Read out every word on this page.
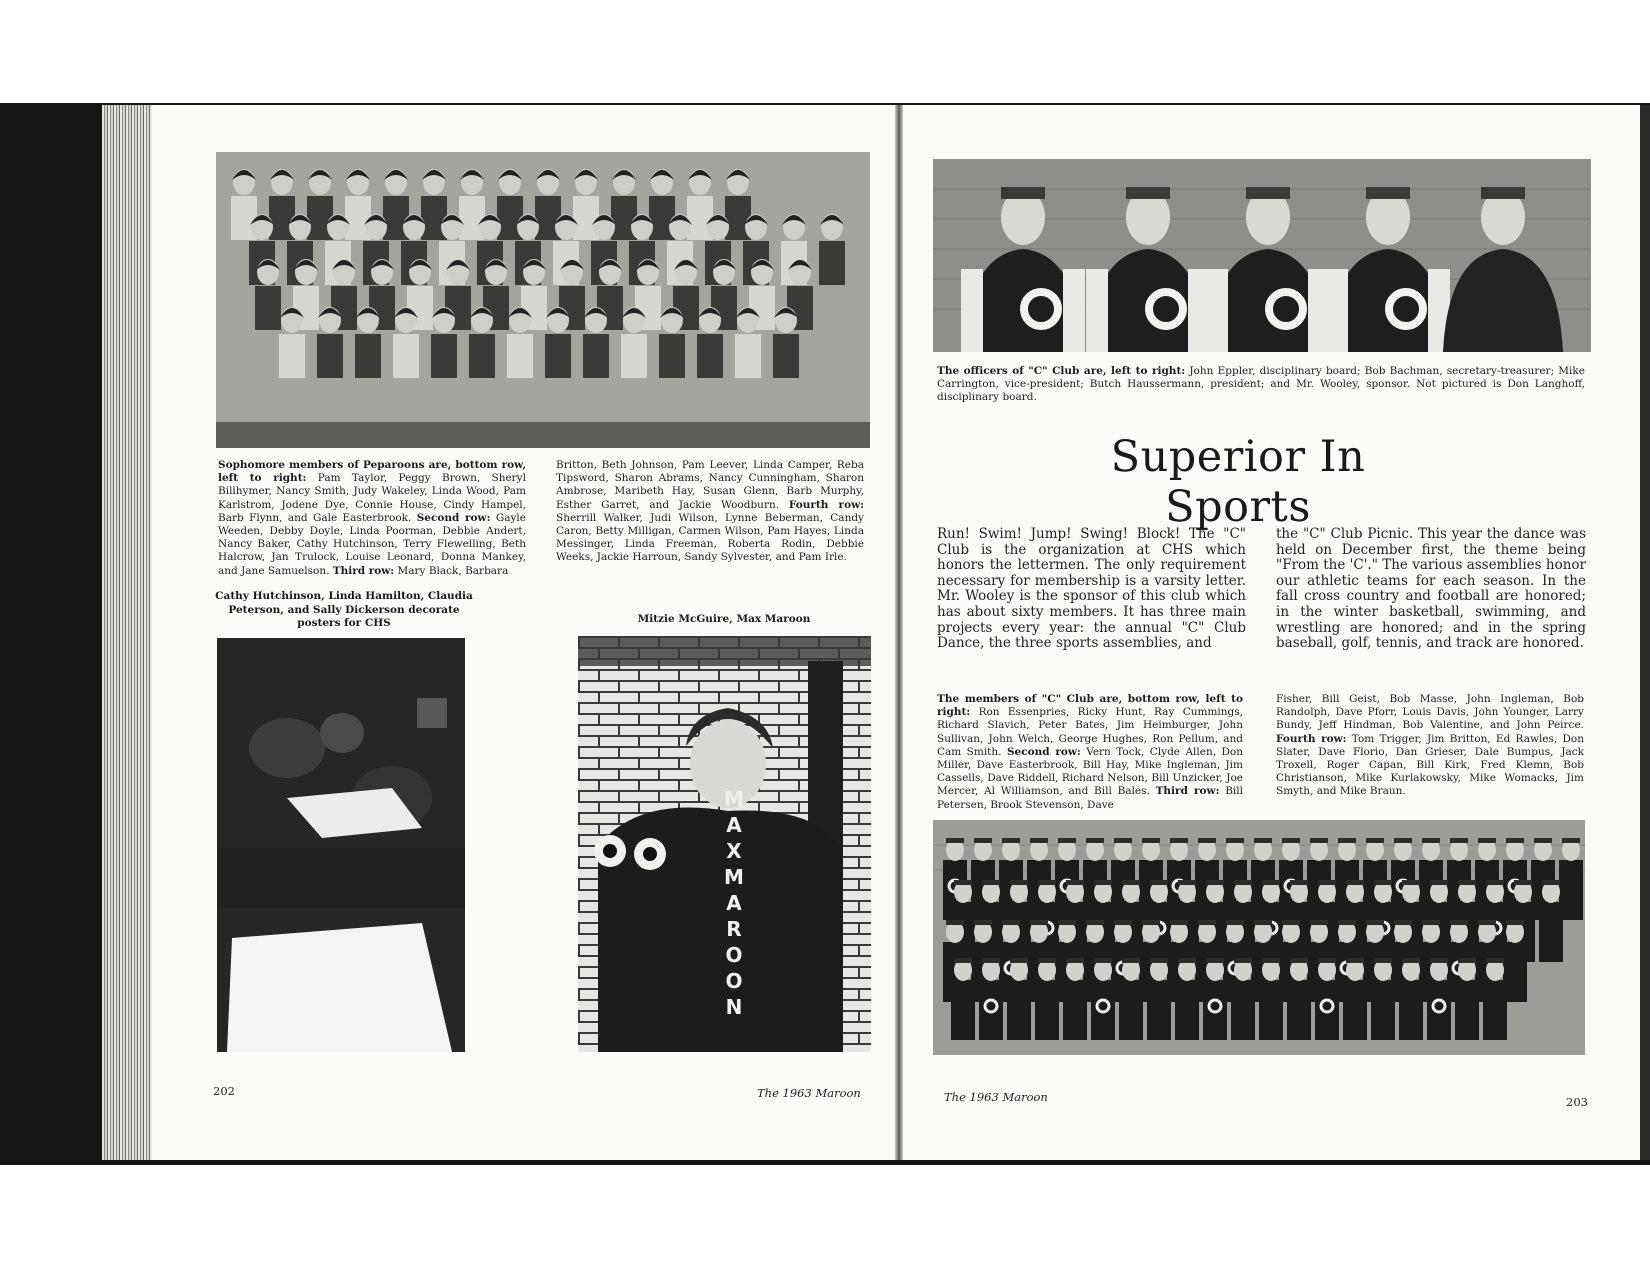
Sophomore members of Peparoons are, bottom row, left to right: Pam Taylor, Peggy Brown, Sheryl Billhymer, Nancy Smith, Judy Wakeley, Linda Wood, Pam Karlstrom, Jodene Dye, Connie House, Cindy Hampel, Barb Flynn, and Gale Easterbrook. Second row: Gayle Weeden, Debby Doyle, Linda Poorman, Debbie Andert, Nancy Baker, Cathy Hutchinson, Terry Flewelling, Beth Halcrow, Jan Trulock, Louise Leonard, Donna Mankey, and Jane Samuelson. Third row: Mary Black, Barbara
Britton, Beth Johnson, Pam Leever, Linda Camper, Reba Tipsword, Sharon Abrams, Nancy Cunningham, Sharon Ambrose, Maribeth Hay, Susan Glenn, Barb Murphy, Esther Garret, and Jackie Woodburn. Fourth row: Sherrill Walker, Judi Wilson, Lynne Beberman, Candy Caron, Betty Milligan, Carmen Wilson, Pam Hayes, Linda Messinger, Linda Freeman, Roberta Rodin, Debbie Weeks, Jackie Harroun, Sandy Sylvester, and Pam Irle.

Cathy Hutchinson, Linda Hamilton, Claudia Peterson, and Sally Dickerson decorate posters for CHS	Mitzie McGuire, Max Maroon

M
A
X
M
A
R
O
O
N
202	The 1963 Maroon
The officers of "C" Club are, left to right: John Eppler, disciplinary board; Bob Bachman, secretary-treasurer; Mike Carrington, vice-president; Butch Haussermann, president; and Mr. Wooley, sponsor. Not pictured is Don Langhoff, disciplinary board.
Superior In Sports

Run! Swim! Jump! Swing! Block! The "C" Club is the organization at CHS which honors the lettermen. The only requirement necessary for membership is a varsity letter. Mr. Wooley is the sponsor of this club which has about sixty members. It has three main projects every year: the annual "C" Club Dance, the three sports assemblies, and

the "C" Club Picnic. This year the dance was held on December first, the theme being "From the 'C'." The various assemblies honor our athletic teams for each season. In the fall cross country and football are honored; in the winter basketball, swimming, and wrestling are honored; and in the spring baseball, golf, tennis, and track are honored.

The members of "C" Club are, bottom row, left to right: Ron Essenpries, Ricky Hunt, Ray Cummings, Richard Slavich, Peter Bates, Jim Heimburger, John Sullivan, John Welch, George Hughes, Ron Pellum, and Cam Smith. Second row: Vern Tock, Clyde Allen, Don Miller, Dave Easterbrook, Bill Hay, Mike Ingleman, Jim Cassells, Dave Riddell, Richard Nelson, Bill Unzicker, Joe Mercer, Al Williamson, and Bill Bales. Third row: Bill Petersen, Brook Stevenson, Dave
Fisher, Bill Geist, Bob Masse, John Ingleman, Bob Randolph, Dave Pforr, Louis Davis, John Younger, Larry Bundy, Jeff Hindman, Bob Valentine, and John Peirce. Fourth row: Tom Trigger, Jim Britton, Ed Rawles, Don Slater, Dave Florio, Dan Grieser, Dale Bumpus, Jack Troxell, Roger Capan, Bill Kirk, Fred Klemn, Bob Christianson, Mike Kurlakowsky, Mike Womacks, Jim Smyth, and Mike Braun.
The 1963 Maroon	203
